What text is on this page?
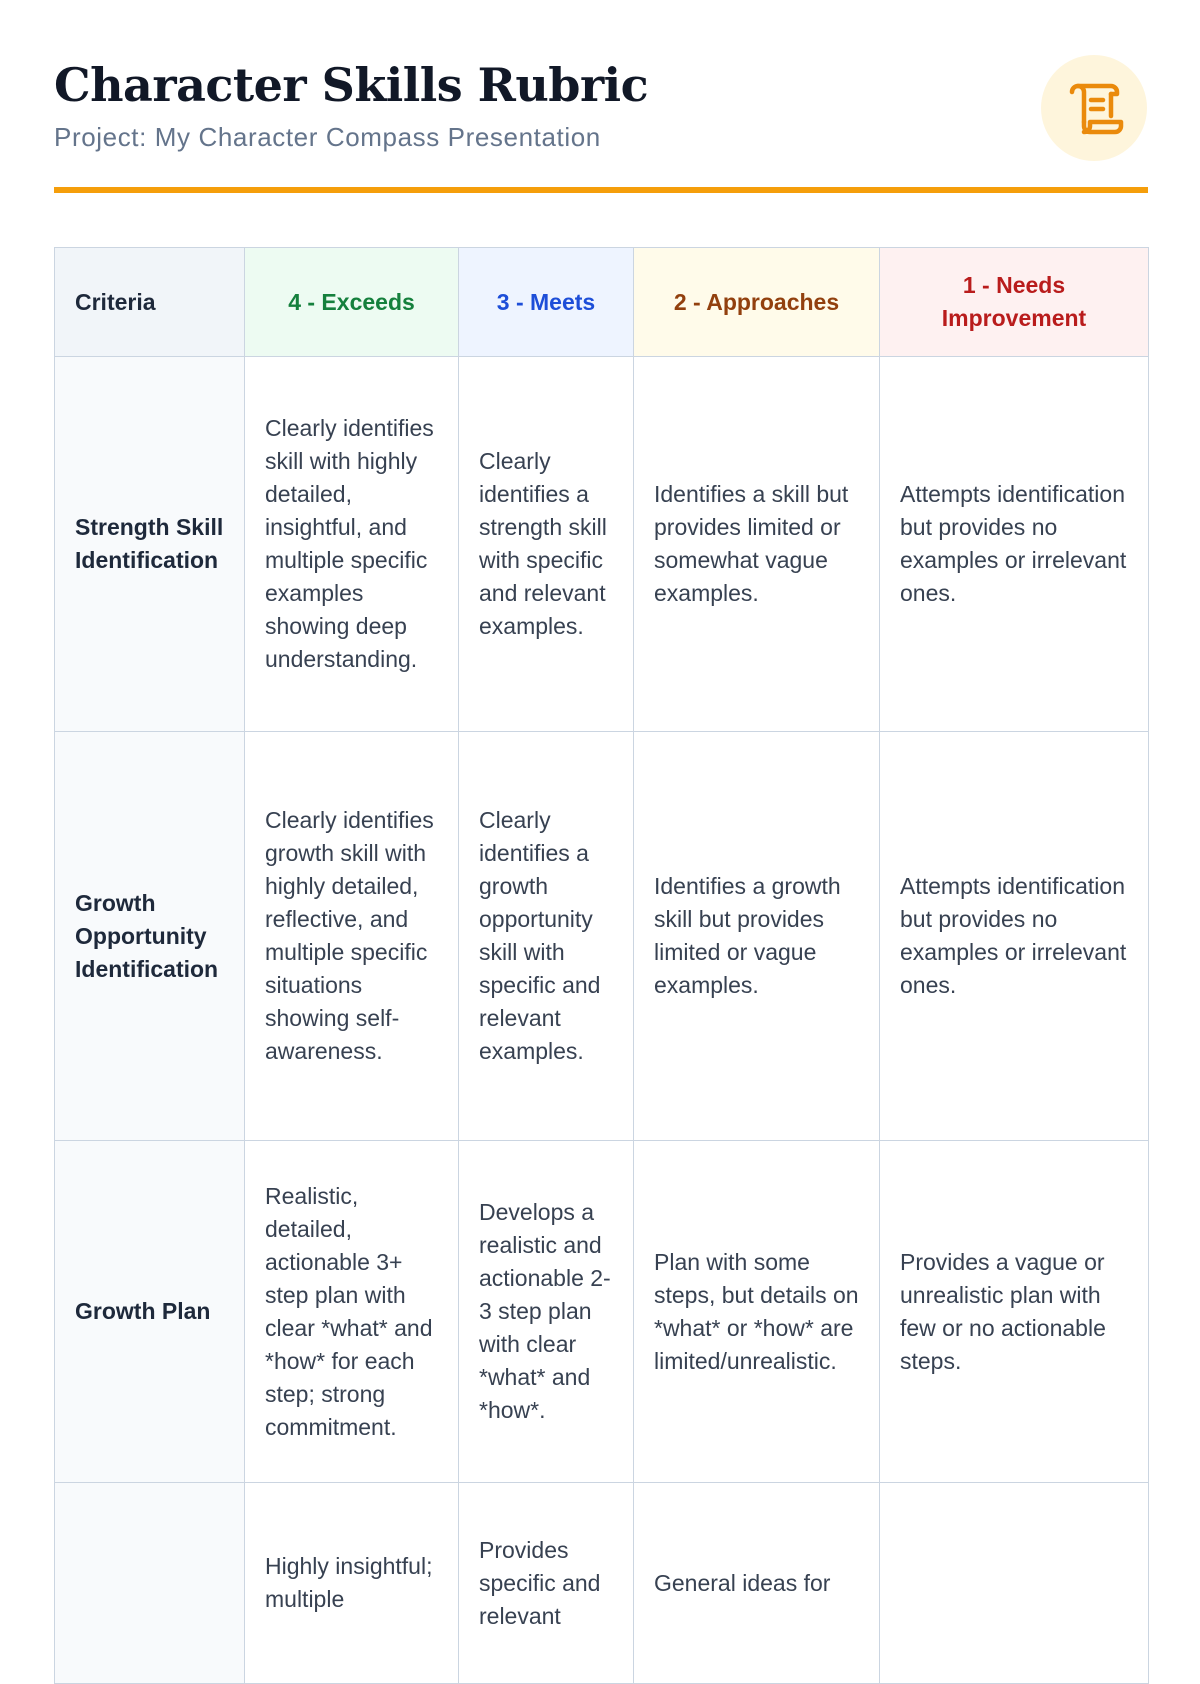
Character Skills Rubric

Project: My Character Compass Presentation

Criteria	4 - Exceeds	3 - Meets	2 - Approaches	1 - Needs Improvement
Strength Skill Identification	Clearly identifies skill with highly detailed, insightful, and multiple specific examples showing deep understanding.	Clearly identifies a strength skill with specific and relevant examples.	Identifies a skill but provides limited or somewhat vague examples.	Attempts identification but provides no examples or irrelevant ones.
Growth Opportunity Identification	Clearly identifies growth skill with highly detailed, reflective, and multiple specific situations showing self-awareness.	Clearly identifies a growth opportunity skill with specific and relevant examples.	Identifies a growth skill but provides limited or vague examples.	Attempts identification but provides no examples or irrelevant ones.
Growth Plan	Realistic, detailed, actionable 3+ step plan with clear *what* and *how* for each step; strong commitment.	Develops a realistic and actionable 2-3 step plan with clear *what* and *how*.	Plan with some steps, but details on *what* or *how* are limited/unrealistic.	Provides a vague or unrealistic plan with few or no actionable steps.
	Highly insightful; multiple	Provides specific and relevant	General ideas for	
